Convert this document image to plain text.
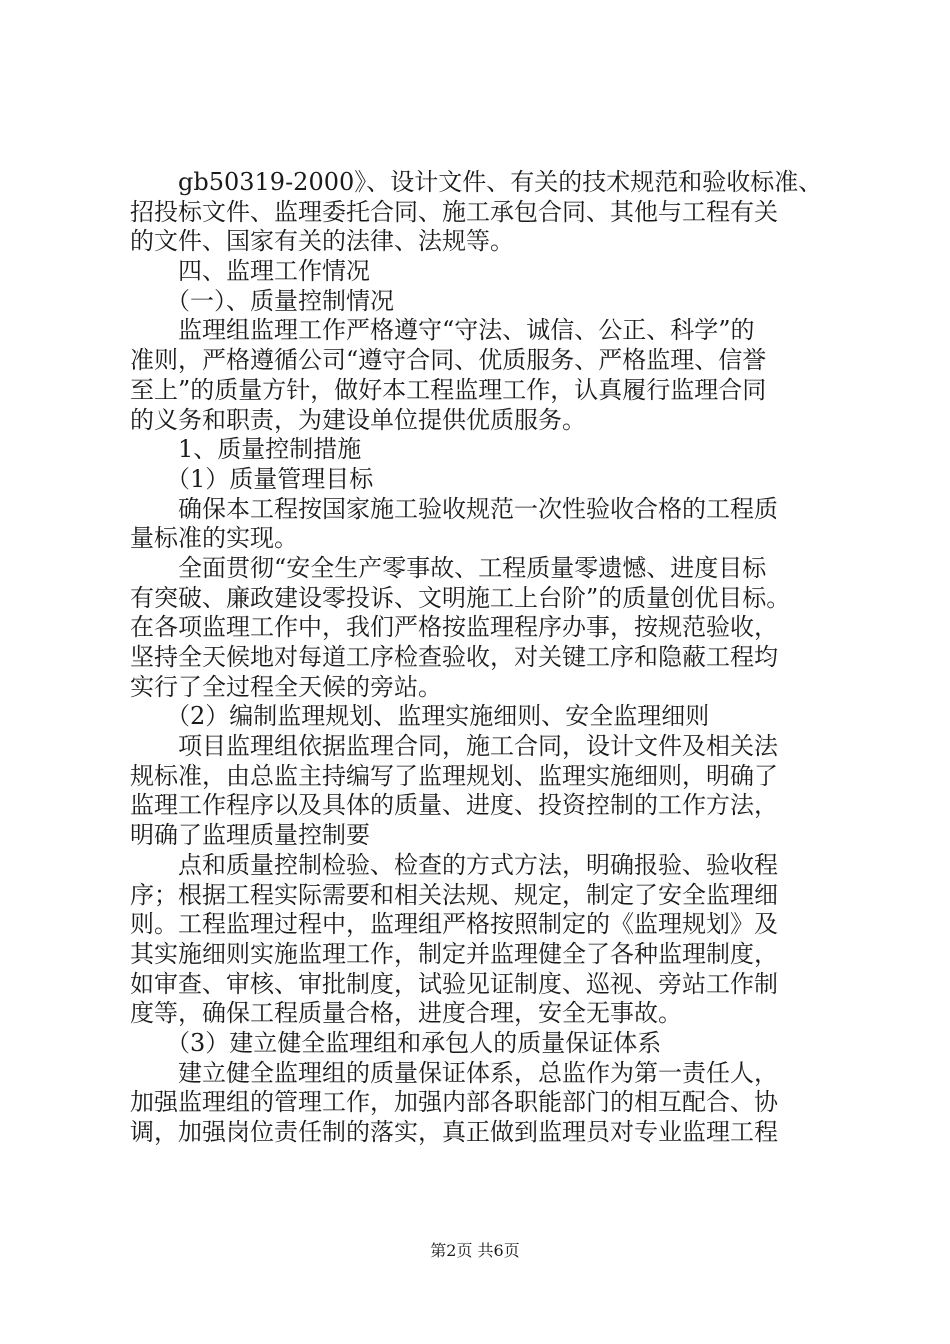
　　gb50319-2000》、设计文件、有关的技术规范和验收标准、
招投标文件、监理委托合同、施工承包合同、其他与工程有关
的文件、国家有关的法律、法规等。
　　四、监理工作情况
　　（一）、质量控制情况
　　监理组监理工作严格遵守“守法、诚信、公正、科学”的
准则，严格遵循公司“遵守合同、优质服务、严格监理、信誉
至上”的质量方针，做好本工程监理工作，认真履行监理合同
的义务和职责，为建设单位提供优质服务。
　　1、质量控制措施
　　（1）质量管理目标
　　确保本工程按国家施工验收规范一次性验收合格的工程质
量标准的实现。
　　全面贯彻“安全生产零事故、工程质量零遗憾、进度目标
有突破、廉政建设零投诉、文明施工上台阶”的质量创优目标。
在各项监理工作中，我们严格按监理程序办事，按规范验收，
坚持全天候地对每道工序检查验收，对关键工序和隐蔽工程均
实行了全过程全天候的旁站。
　　（2）编制监理规划、监理实施细则、安全监理细则
　　项目监理组依据监理合同，施工合同，设计文件及相关法
规标准，由总监主持编写了监理规划、监理实施细则，明确了
监理工作程序以及具体的质量、进度、投资控制的工作方法，
明确了监理质量控制要
　　点和质量控制检验、检查的方式方法，明确报验、验收程
序；根据工程实际需要和相关法规、规定，制定了安全监理细
则。工程监理过程中，监理组严格按照制定的《监理规划》及
其实施细则实施监理工作，制定并监理健全了各种监理制度，
如审查、审核、审批制度，试验见证制度、巡视、旁站工作制
度等，确保工程质量合格，进度合理，安全无事故。
　　（3）建立健全监理组和承包人的质量保证体系
　　建立健全监理组的质量保证体系，总监作为第一责任人，
加强监理组的管理工作，加强内部各职能部门的相互配合、协
调，加强岗位责任制的落实，真正做到监理员对专业监理工程
第2页 共6页
